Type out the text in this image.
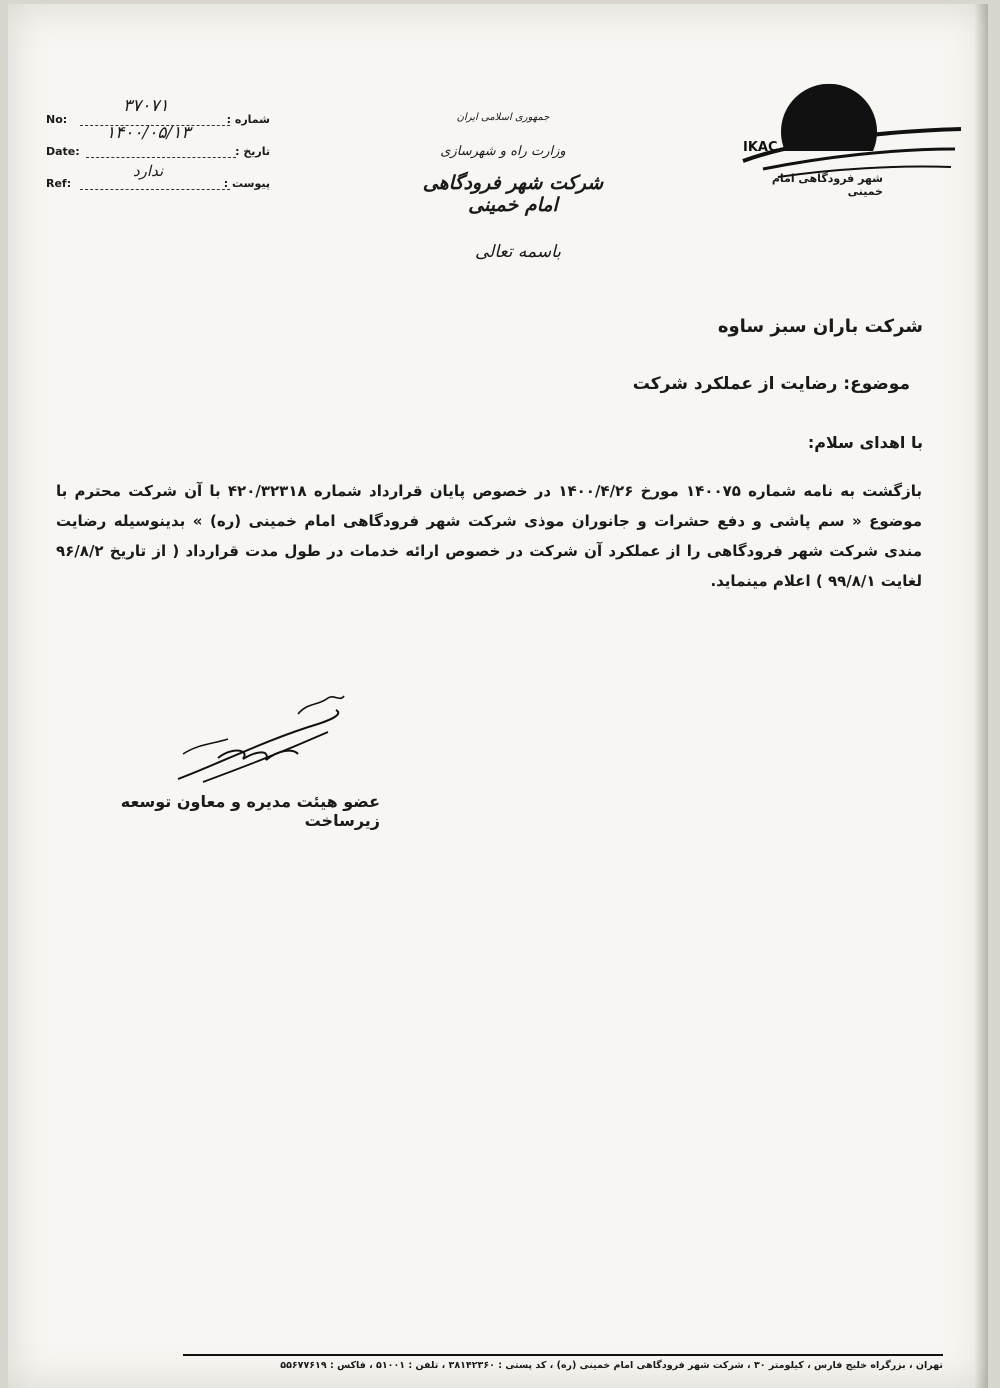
No:	شماره :
۳۷۰۷۱
Date:	تاریخ :
۱۴۰۰/۰۵/۱۳
Ref:	پیوست :
ندارد
جمهوری اسلامی ایران
وزارت راه و شهرسازی
شرکت شهر فرودگاهی امام خمینی
باسمه تعالی
IKAC
شهر فرودگاهی امام خمینی
شرکت باران سبز ساوه
موضوع: رضایت از عملکرد شرکت
با اهدای سلام:
بازگشت به نامه شماره ۱۴۰۰۷۵ مورخ ۱۴۰۰/۴/۲۶ در خصوص پایان قرارداد شماره ۴۲۰/۳۲۳۱۸ با آن شرکت محترم با موضوع « سم پاشی و دفع حشرات و جانوران موذی شرکت شهر فرودگاهی امام خمینی (ره) » بدینوسیله رضایت مندی شرکت شهر فرودگاهی را از عملکرد آن شرکت در خصوص ارائه خدمات در طول مدت قرارداد ( از تاریخ ۹۶/۸/۲ لغایت ۹۹/۸/۱ ) اعلام مینماید.
عضو هیئت مدیره و معاون توسعه زیرساخت
تهران ، بزرگراه خلیج فارس ، کیلومتر ۳۰ ، شرکت شهر فرودگاهی امام خمینی (ره) ، کد پستی : ۳۸۱۴۲۳۶۰ ، تلفن : ۵۱۰۰۱ ، فاکس : ۵۵۶۷۷۶۱۹
